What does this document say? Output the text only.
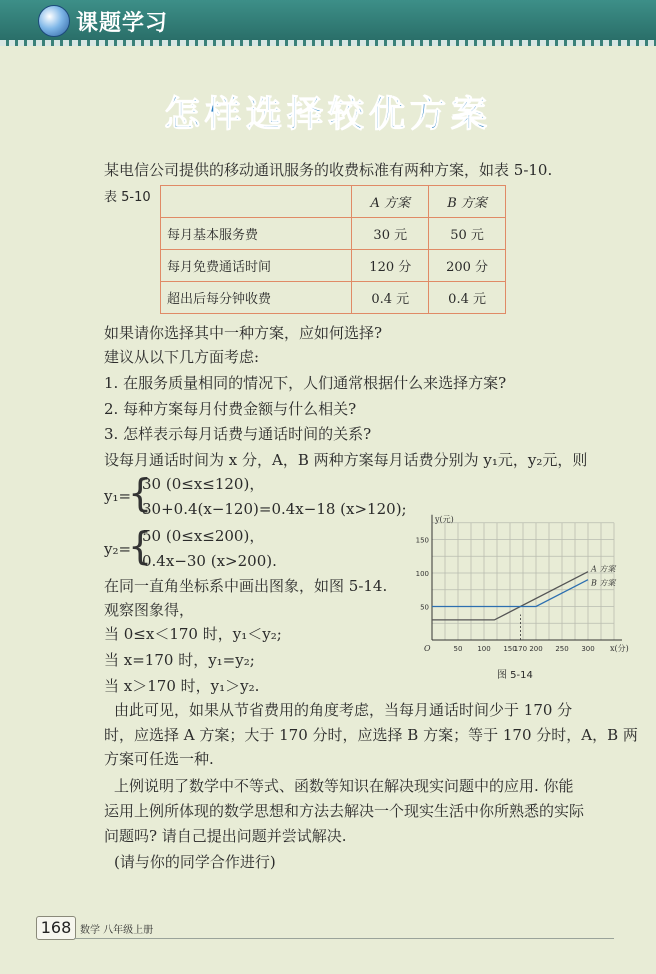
课题学习
怎样选择较优方案
某电信公司提供的移动通讯服务的收费标准有两种方案，如表 5-10.
表 5-10
		A 方案	B 方案
每月基本服务费	30 元	50 元
每月免费通话时间	120 分	200 分
超出后每分钟收费	0.4 元	0.4 元
如果请你选择其中一种方案，应如何选择?
建议从以下几方面考虑:
1. 在服务质量相同的情况下，人们通常根据什么来选择方案?
2. 每种方案每月付费金额与什么相关?
3. 怎样表示每月话费与通话时间的关系?
设每月通话时间为 x 分，A，B 两种方案每月话费分别为 y₁元，y₂元，则
y₁=
{
30 (0≤x≤120)，
30+0.4(x−120)=0.4x−18 (x>120);
y₂=
{
50 (0≤x≤200)，
0.4x−30 (x>200).
在同一直角坐标系中画出图象，如图 5-14.
观察图象得，
当 0≤x＜170 时，y₁＜y₂;
当 x=170 时，y₁=y₂;
当 x＞170 时，y₁＞y₂.
50 100 150
170 200 250 300
50
100
150
O	x(分)
y(元)
A 方案
B 方案
图 5-14
由此可见，如果从节省费用的角度考虑，当每月通话时间少于 170 分
时，应选择 A 方案；大于 170 分时，应选择 B 方案；等于 170 分时，A，B 两
方案可任选一种.
上例说明了数学中不等式、函数等知识在解决现实问题中的应用. 你能
运用上例所体现的数学思想和方法去解决一个现实生活中你所熟悉的实际
问题吗? 请自己提出问题并尝试解决.
(请与你的同学合作进行)
168 数学 八年级上册
